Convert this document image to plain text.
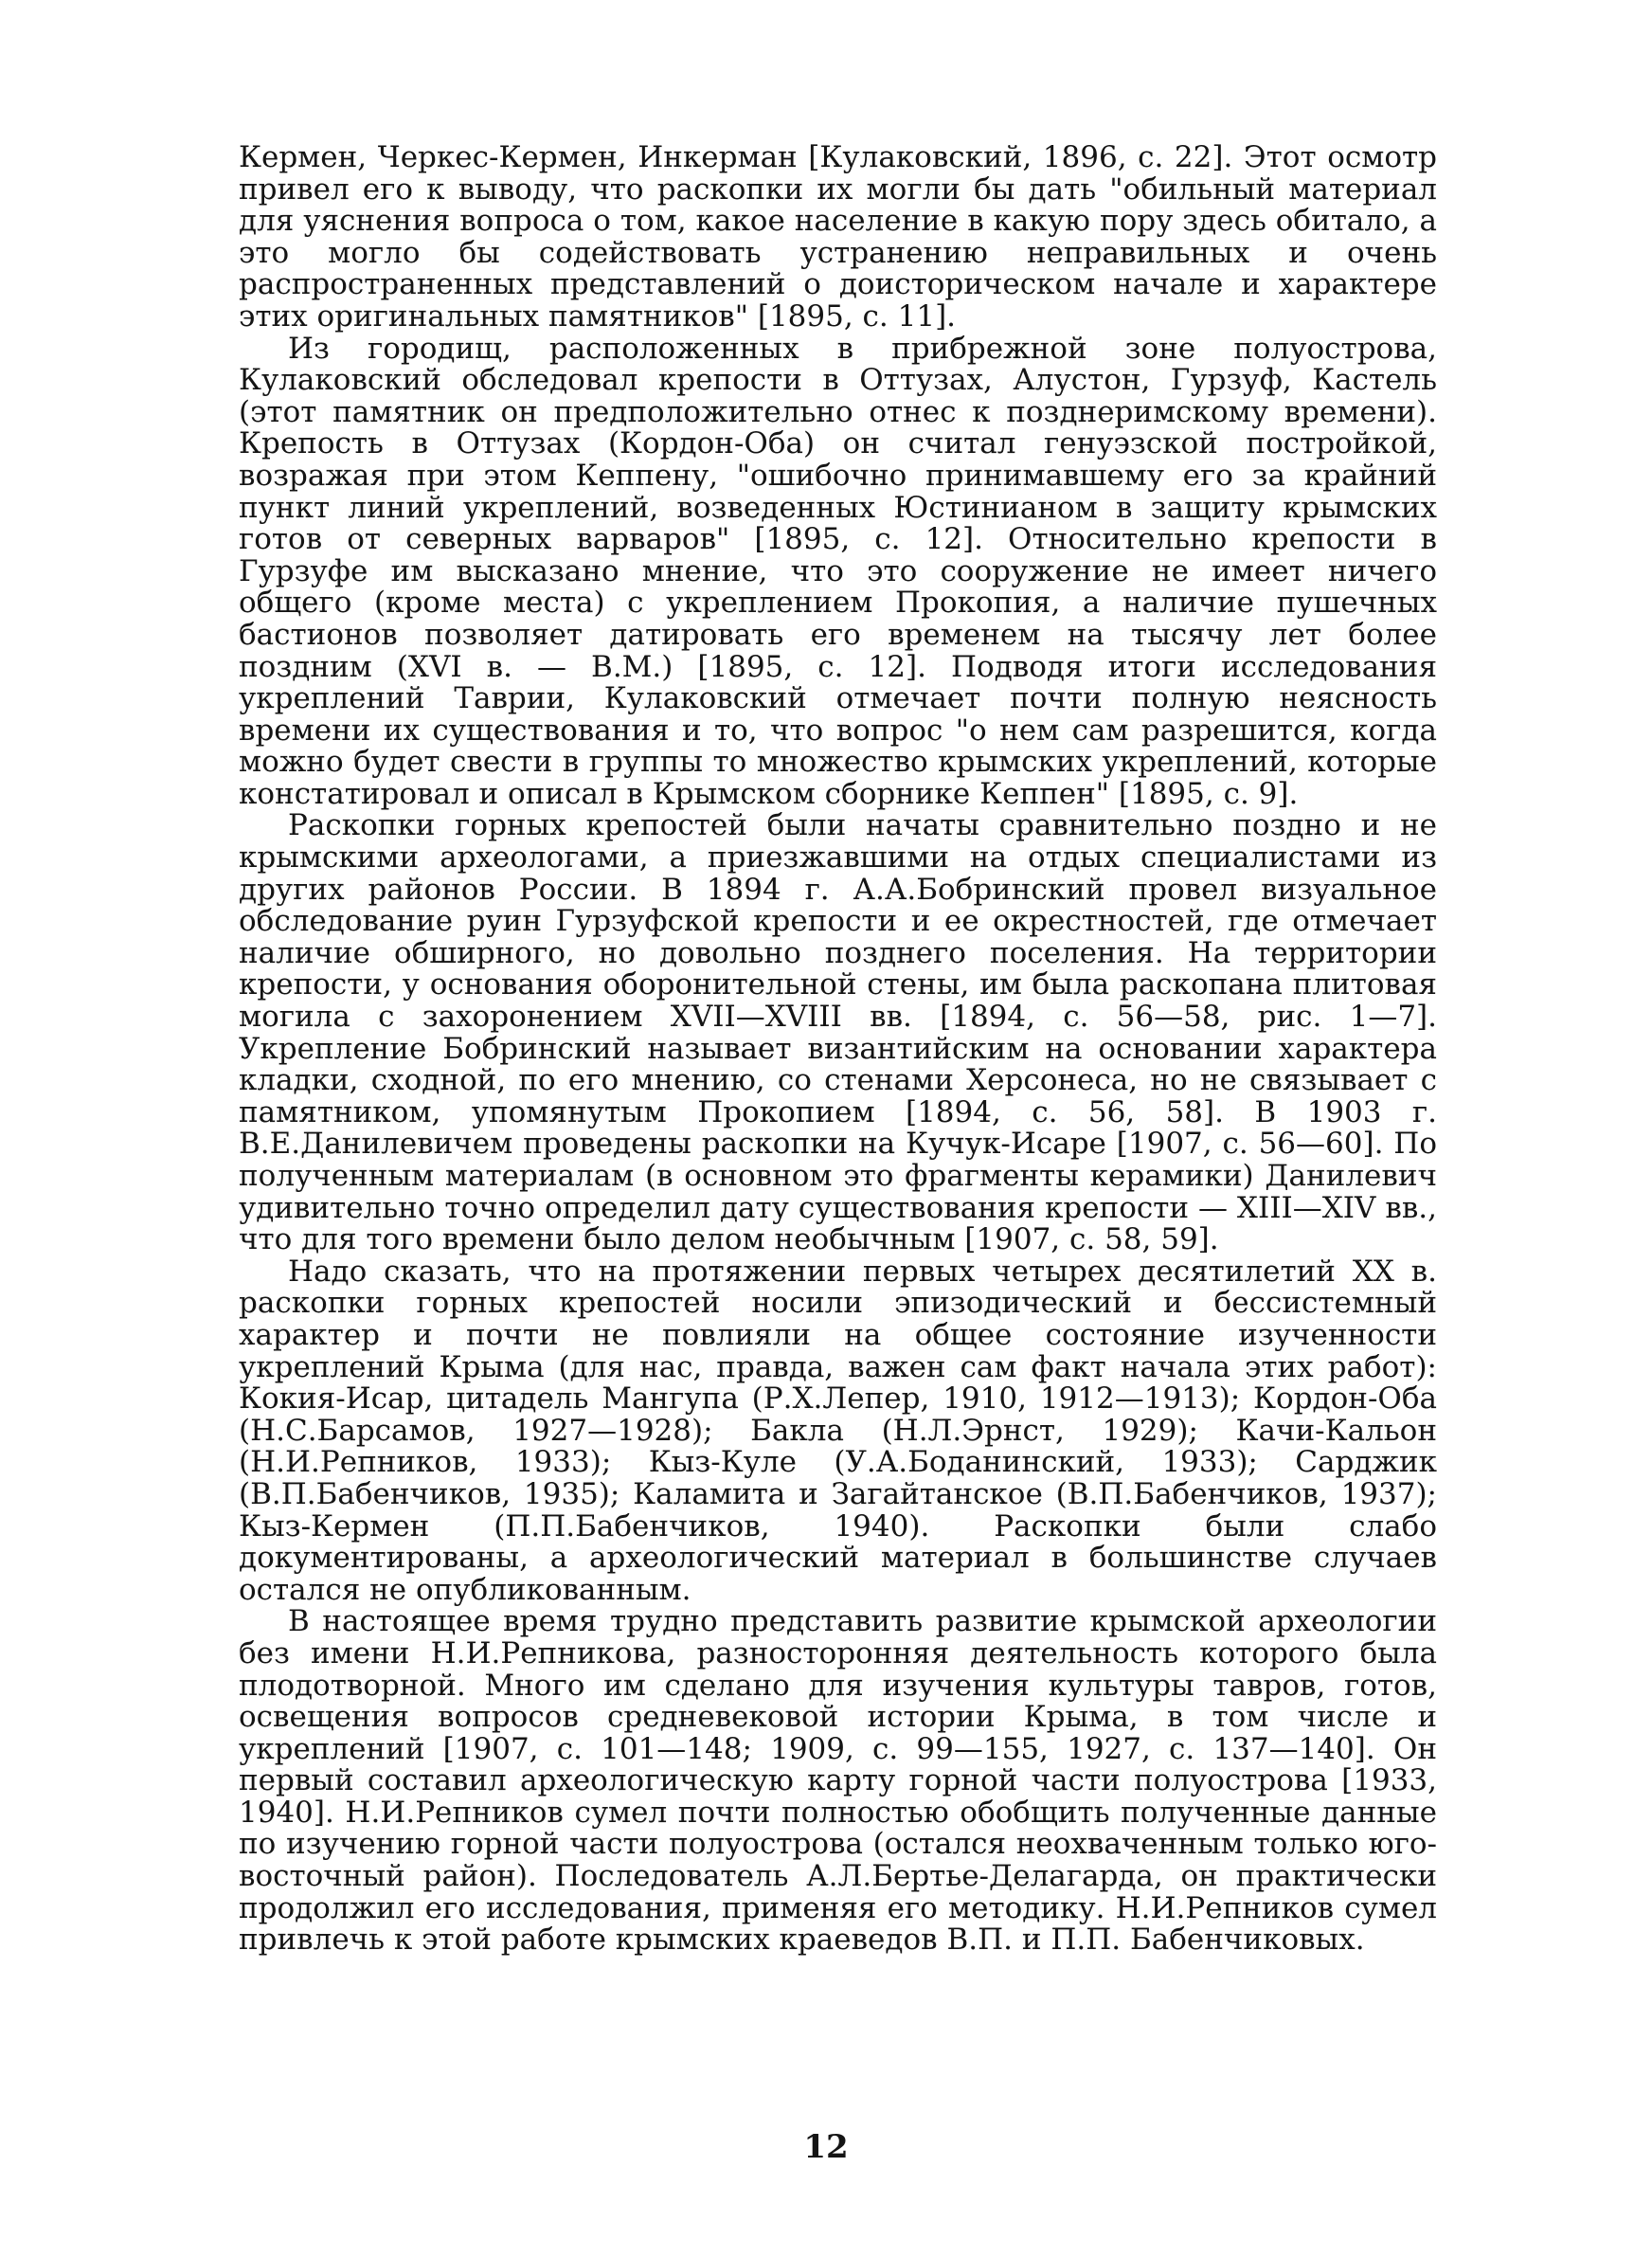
Кермен, Черкес-Кермен, Инкерман [Кулаковский, 1896, с. 22]. Этот осмотр привел его к выводу, что раскопки их могли бы дать "обильный материал для уяснения вопроса о том, какое население в какую пору здесь обитало, а это могло бы содействовать устранению неправильных и очень распространенных представлений о доисторическом начале и характере этих оригинальных памятников" [1895, с. 11].

Из городищ, расположенных в прибрежной зоне полуострова, Кулаковский обследовал крепости в Оттузах, Алустон, Гурзуф, Кастель (этот памятник он предположительно отнес к позднеримскому времени). Крепость в Оттузах (Кордон-Оба) он считал генуэзской постройкой, возражая при этом Кеппену, "ошибочно принимавшему его за крайний пункт линий укреплений, возведенных Юстинианом в защиту крымских готов от северных варваров" [1895, с. 12]. Относительно крепости в Гурзуфе им высказано мнение, что это сооружение не имеет ничего общего (кроме места) с укреплением Прокопия, а наличие пушечных бастионов позволяет датировать его временем на тысячу лет более поздним (XVI в. — В.М.) [1895, с. 12]. Подводя итоги исследования укреплений Таврии, Кулаковский отмечает почти полную неясность времени их существования и то, что вопрос "о нем сам разрешится, когда можно будет свести в группы то множество крымских укреплений, которые констатировал и описал в Крымском сборнике Кеппен" [1895, с. 9].

Раскопки горных крепостей были начаты сравнительно поздно и не крымскими археологами, а приезжавшими на отдых специалистами из других районов России. В 1894 г. А.А.Бобринский провел визуальное обследование руин Гурзуфской крепости и ее окрестностей, где отмечает наличие обширного, но довольно позднего поселения. На территории крепости, у основания оборонительной стены, им была раскопана плитовая могила с захоронением XVII—XVIII вв. [1894, с. 56—58, рис. 1—7]. Укрепление Бобринский называет византийским на основании характера кладки, сходной, по его мнению, со стенами Херсонеса, но не связывает с памятником, упомянутым Прокопием [1894, с. 56, 58]. В 1903 г. В.Е.Данилевичем проведены раскопки на Кучук-Исаре [1907, с. 56—60]. По полученным материалам (в основном это фрагменты керамики) Данилевич удивительно точно определил дату существования крепости — XIII—XIV вв., что для того времени было делом необычным [1907, с. 58, 59].

Надо сказать, что на протяжении первых четырех десятилетий XX в. раскопки горных крепостей носили эпизодический и бессистемный характер и почти не повлияли на общее состояние изученности укреплений Крыма (для нас, правда, важен сам факт начала этих работ): Кокия-Исар, цитадель Мангупа (Р.Х.Лепер, 1910, 1912—1913); Кордон-Оба (Н.С.Барсамов, 1927—1928); Бакла (Н.Л.Эрнст, 1929); Качи-Кальон (Н.И.Репников, 1933); Кыз-Куле (У.А.Боданинский, 1933); Сарджик (В.П.Бабенчиков, 1935); Каламита и Загайтанское (В.П.Бабенчиков, 1937); Кыз-Кермен (П.П.Бабенчиков, 1940). Раскопки были слабо документированы, а археологический материал в большинстве случаев остался не опубликованным.

В настоящее время трудно представить развитие крымской археологии без имени Н.И.Репникова, разносторонняя деятельность которого была плодотворной. Много им сделано для изучения культуры тавров, готов, освещения вопросов средневековой истории Крыма, в том числе и укреплений [1907, с. 101—148; 1909, с. 99—155, 1927, с. 137—140]. Он первый составил археологическую карту горной части полуострова [1933, 1940]. Н.И.Репников сумел почти полностью обобщить полученные данные по изучению горной части полуострова (остался неохваченным только юго-восточный район). Последователь А.Л.Бертье-Делагарда, он практически продолжил его исследования, применяя его методику. Н.И.Репников сумел привлечь к этой работе крымских краеведов В.П. и П.П. Бабенчиковых.

12
